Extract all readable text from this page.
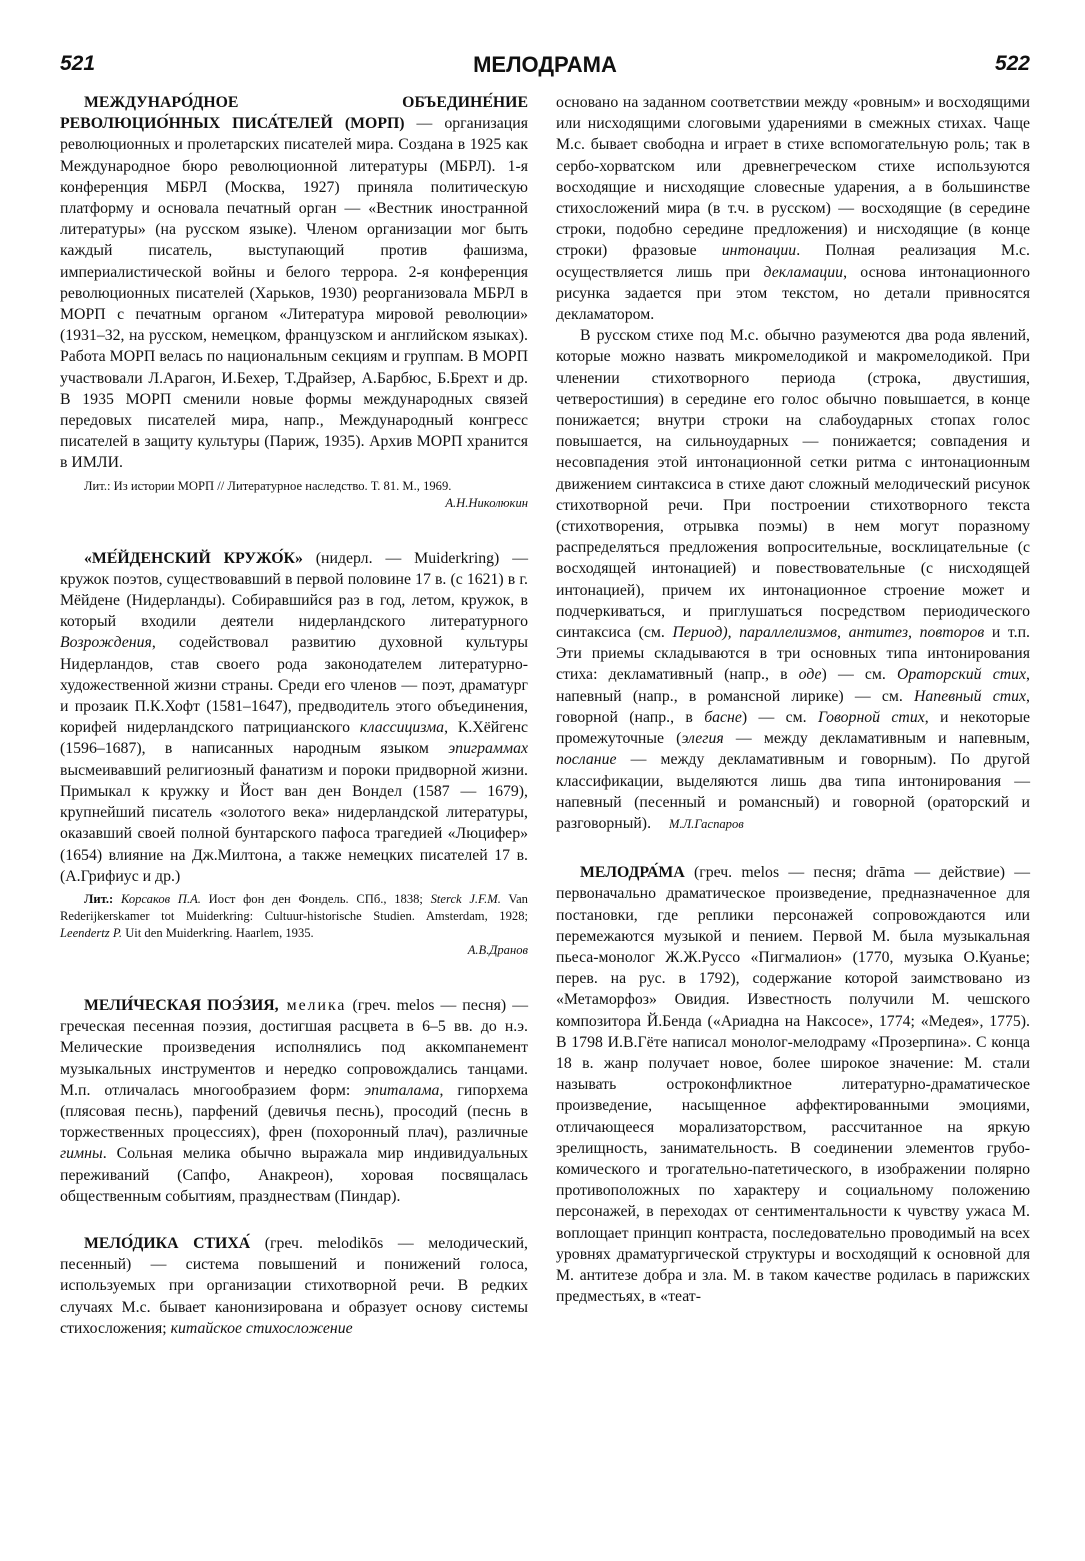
521	МЕЛОДРАМА	522

МЕЖДУНАРО́ДНОЕ ОБЪЕДИНЕ́НИЕ РЕВОЛЮЦИО́ННЫХ ПИСА́ТЕЛЕЙ (МОРП) — организация революционных и пролетарских писателей мира. Создана в 1925 как Международное бюро революционной литературы (МБРЛ). 1-я конференция МБРЛ (Москва, 1927) приняла политическую платформу и основала печатный орган — «Вестник иностранной литературы» (на русском языке). Членом организации мог быть каждый писатель, выступающий против фашизма, империалистической войны и белого террора. 2-я конференция революционных писателей (Харьков, 1930) реорганизовала МБРЛ в МОРП с печатным органом «Литература мировой революции» (1931–32, на русском, немецком, французском и английском языках). Работа МОРП велась по национальным секциям и группам. В МОРП участвовали Л.Арагон, И.Бехер, Т.Драйзер, А.Барбюс, Б.Брехт и др. В 1935 МОРП сменили новые формы международных связей передовых писателей мира, напр., Международный конгресс писателей в защиту культуры (Париж, 1935). Архив МОРП хранится в ИМЛИ.

Лит.: Из истории МОРП // Литературное наследство. Т. 81. М., 1969.

А.Н.Николюкин

«МЕ́ЙДЕНСКИЙ КРУЖО́К» (нидерл. — Muiderkring) — кружок поэтов, существовавший в первой половине 17 в. (с 1621) в г. Мёйдене (Нидерланды). Собиравшийся раз в год, летом, кружок, в который входили деятели нидерландского литературного Возрождения, содействовал развитию духовной культуры Нидерландов, став своего рода законодателем литературно-художественной жизни страны. Среди его членов — поэт, драматург и прозаик П.К.Хофт (1581–1647), предводитель этого объединения, корифей нидерландского патрицианского классицизма, К.Хёйгенс (1596–1687), в написанных народным языком эпиграммах высмеивавший религиозный фанатизм и пороки придворной жизни. Примыкал к кружку и Йост ван ден Вондел (1587 — 1679), крупнейший писатель «золотого века» нидерландской литературы, оказавший своей полной бунтарского пафоса трагедией «Люцифер» (1654) влияние на Дж.Милтона, а также немецких писателей 17 в. (А.Грифиус и др.)

Лит.: Корсаков П.А. Иост фон ден Фондель. СПб., 1838; Sterck J.F.M. Van Rederijkerskamer tot Muiderkring: Cultuur-historische Studien. Amsterdam, 1928; Leendertz P. Uit den Muiderkring. Haarlem, 1935.

А.В.Дранов

МЕЛИ́ЧЕСКАЯ ПОЭ́ЗИЯ, мелика (греч. melos — песня) — греческая песенная поэзия, достигшая расцвета в 6–5 вв. до н.э. Мелические произведения исполнялись под аккомпанемент музыкальных инструментов и нередко сопровождались танцами. М.п. отличалась многообразием форм: эпиталама, гипорхема (плясовая песнь), парфений (девичья песнь), просодий (песнь в торжественных процессиях), френ (похоронный плач), различные гимны. Сольная мелика обычно выражала мир индивидуальных переживаний (Сапфо, Анакреон), хоровая посвящалась общественным событиям, празднествам (Пиндар).

МЕЛО́ДИКА СТИХА́ (греч. melodikōs — мелодический, песенный) — система повышений и понижений голоса, используемых при организации стихотворной речи. В редких случаях М.с. бывает канонизирована и образует основу системы стихосложения; китайское стихосложение

основано на заданном соответствии между «ровным» и восходящими или нисходящими слоговыми ударениями в смежных стихах. Чаще М.с. бывает свободна и играет в стихе вспомогательную роль; так в сербо-хорватском или древнегреческом стихе используются восходящие и нисходящие словесные ударения, а в большинстве стихосложений мира (в т.ч. в русском) — восходящие (в середине строки, подобно середине предложения) и нисходящие (в конце строки) фразовые интонации. Полная реализация М.с. осуществляется лишь при декламации, основа интонационного рисунка задается при этом текстом, но детали привносятся декламатором.

В русском стихе под М.с. обычно разумеются два рода явлений, которые можно назвать микромелодикой и макромелодикой. При членении стихотворного периода (строка, двустишия, четверостишия) в середине его голос обычно повышается, в конце понижается; внутри строки на слабоударных стопах голос повышается, на сильноударных — понижается; совпадения и несовпадения этой интонационной сетки ритма с интонационным движением синтаксиса в стихе дают сложный мелодический рисунок стихотворной речи. При построении стихотворного текста (стихотворения, отрывка поэмы) в нем могут поразному распределяться предложения вопросительные, восклицательные (с восходящей интонацией) и повествовательные (с нисходящей интонацией), причем их интонационное строение может и подчеркиваться, и приглушаться посредством периодического синтаксиса (см. Период), параллелизмов, антитез, повторов и т.п. Эти приемы складываются в три основных типа интонирования стиха: декламативный (напр., в оде) — см. Ораторский стих, напевный (напр., в романсной лирике) — см. Напевный стих, говорной (напр., в басне) — см. Говорной стих, и некоторые промежуточные (элегия — между декламативным и напевным, послание — между декламативным и говорным). По другой классификации, выделяются лишь два типа интонирования — напевный (песенный и романсный) и говорной (ораторский и разговорный). М.Л.Гаспаров

МЕЛОДРА́МА (греч. melos — песня; drāma — действие) — первоначально драматическое произведение, предназначенное для постановки, где реплики персонажей сопровождаются или перемежаются музыкой и пением. Первой М. была музыкальная пьеса-монолог Ж.Ж.Руссо «Пигмалион» (1770, музыка О.Куанье; перев. на рус. в 1792), содержание которой заимствовано из «Метаморфоз» Овидия. Известность получили М. чешского композитора Й.Бенда («Ариадна на Наксосе», 1774; «Медея», 1775). В 1798 И.В.Гёте написал монолог-мелодраму «Прозерпина». С конца 18 в. жанр получает новое, более широкое значение: М. стали называть остроконфликтное литературно-драматическое произведение, насыщенное аффектированными эмоциями, отличающееся морализаторством, рассчитанное на яркую зрелищность, занимательность. В соединении элементов грубо-комического и трогательно-патетического, в изображении полярно противоположных по характеру и социальному положению персонажей, в переходах от сентиментальности к чувству ужаса М. воплощает принцип контраста, последовательно проводимый на всех уровнях драматургической структуры и восходящий к основной для М. антитезе добра и зла. М. в таком качестве родилась в парижских предместьях, в «теат-
